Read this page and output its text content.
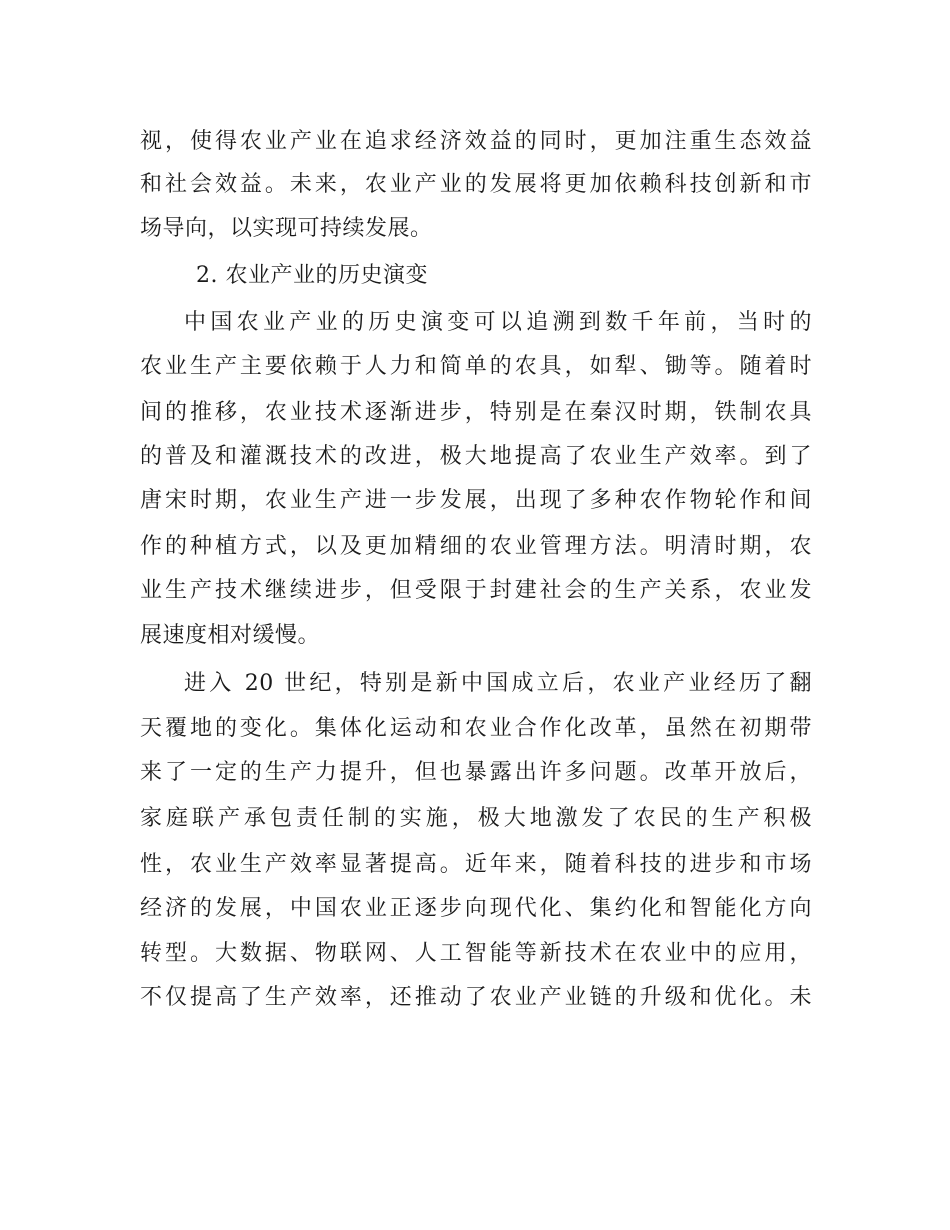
视，使得农业产业在追求经济效益的同时，更加注重生态效益
和社会效益。未来，农业产业的发展将更加依赖科技创新和市
场导向，以实现可持续发展。
2. 农业产业的历史演变
中国农业产业的历史演变可以追溯到数千年前，当时的
农业生产主要依赖于人力和简单的农具，如犁、锄等。随着时
间的推移，农业技术逐渐进步，特别是在秦汉时期，铁制农具
的普及和灌溉技术的改进，极大地提高了农业生产效率。到了
唐宋时期，农业生产进一步发展，出现了多种农作物轮作和间
作的种植方式，以及更加精细的农业管理方法。明清时期，农
业生产技术继续进步，但受限于封建社会的生产关系，农业发
展速度相对缓慢。
进入 20 世纪，特别是新中国成立后，农业产业经历了翻
天覆地的变化。集体化运动和农业合作化改革，虽然在初期带
来了一定的生产力提升，但也暴露出许多问题。改革开放后，
家庭联产承包责任制的实施，极大地激发了农民的生产积极
性，农业生产效率显著提高。近年来，随着科技的进步和市场
经济的发展，中国农业正逐步向现代化、集约化和智能化方向
转型。大数据、物联网、人工智能等新技术在农业中的应用，
不仅提高了生产效率，还推动了农业产业链的升级和优化。未
